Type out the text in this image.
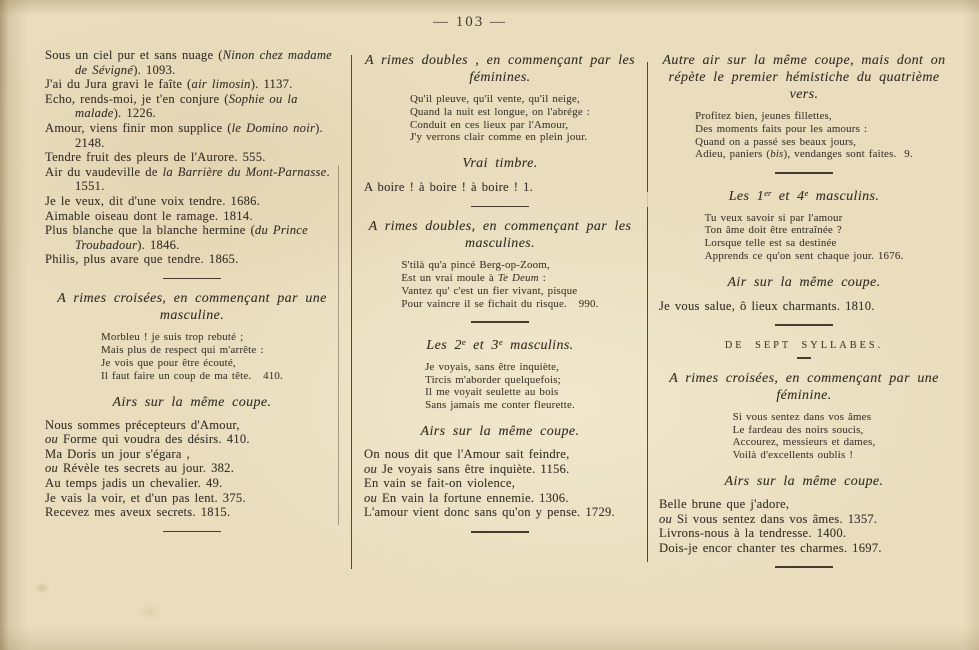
— 103 —
Sous un ciel pur et sans nuage (Ninon chez madame de Sévigné). 1093.
J'ai du Jura gravi le faîte (air limosin). 1137.
Echo, rends-moi, je t'en conjure (Sophie ou la malade). 1226.
Amour, viens finir mon supplice (le Domino noir). 2148.
Tendre fruit des pleurs de l'Aurore. 555.
Air du vaudeville de la Barrière du Mont-Parnasse. 1551.
Je le veux, dit d'une voix tendre. 1686.
Aimable oiseau dont le ramage. 1814.
Plus blanche que la blanche hermine (du Prince Troubadour). 1846.
Philis, plus avare que tendre. 1865.
A rimes croisées, en commençant par une masculine.
Morbleu ! je suis trop rebuté ;
Mais plus de respect qui m'arrête :
Je vois que pour être écouté,
Il faut faire un coup de ma tête.   410.
Airs sur la même coupe.
Nous sommes précepteurs d'Amour,
ou Forme qui voudra des désirs. 410.
Ma Doris un jour s'égara ,
ou Révèle tes secrets au jour. 382.
Au temps jadis un chevalier. 49.
Je vais la voir, et d'un pas lent. 375.
Recevez mes aveux secrets. 1815.
A rimes doubles , en commençant par les féminines.
Qu'il pleuve, qu'il vente, qu'il neige,
Quand la nuit est longue, on l'abrége :
Conduit en ces lieux par l'Amour,
J'y verrons clair comme en plein jour.
Vrai timbre.
A boire ! à boire ! à boire ! 1.
A rimes doubles, en commençant par les masculines.
S'tilà qu'a pincé Berg-op-Zoom,
Est un vrai moule à Te Deum :
Vantez qu' c'est un fier vivant, pisque
Pour vaincre il se fichait du risque.   990.
Les 2e et 3e masculins.
Je voyais, sans être inquiète,
Tircis m'aborder quelquefois;
Il me voyait seulette au bois
Sans jamais me conter fleurette.
Airs sur la même coupe.
On nous dit que l'Amour sait feindre,
ou Je voyais sans être inquiète. 1156.
En vain se fait-on violence,
ou En vain la fortune ennemie. 1306.
L'amour vient donc sans qu'on y pense. 1729.
Autre air sur la même coupe, mais dont on répète le premier hémistiche du quatrième vers.
Profitez bien, jeunes fillettes,
Des moments faits pour les amours :
Quand on a passé ses beaux jours,
Adieu, paniers (bis), vendanges sont faites.  9.
Les 1er et 4e masculins.
Tu veux savoir si par l'amour
Ton âme doit être entraînée ?
Lorsque telle est sa destinée
Apprends ce qu'on sent chaque jour. 1676.
Air sur la même coupe.
Je vous salue, ô lieux charmants. 1810.
DE SEPT SYLLABES.
A rimes croisées, en commençant par une féminine.
Si vous sentez dans vos âmes
Le fardeau des noirs soucis,
Accourez, messieurs et dames,
Voilà d'excellents oublis !
Airs sur la même coupe.
Belle brune que j'adore,
ou Si vous sentez dans vos âmes. 1357.
Livrons-nous à la tendresse. 1400.
Dois-je encor chanter tes charmes. 1697.
